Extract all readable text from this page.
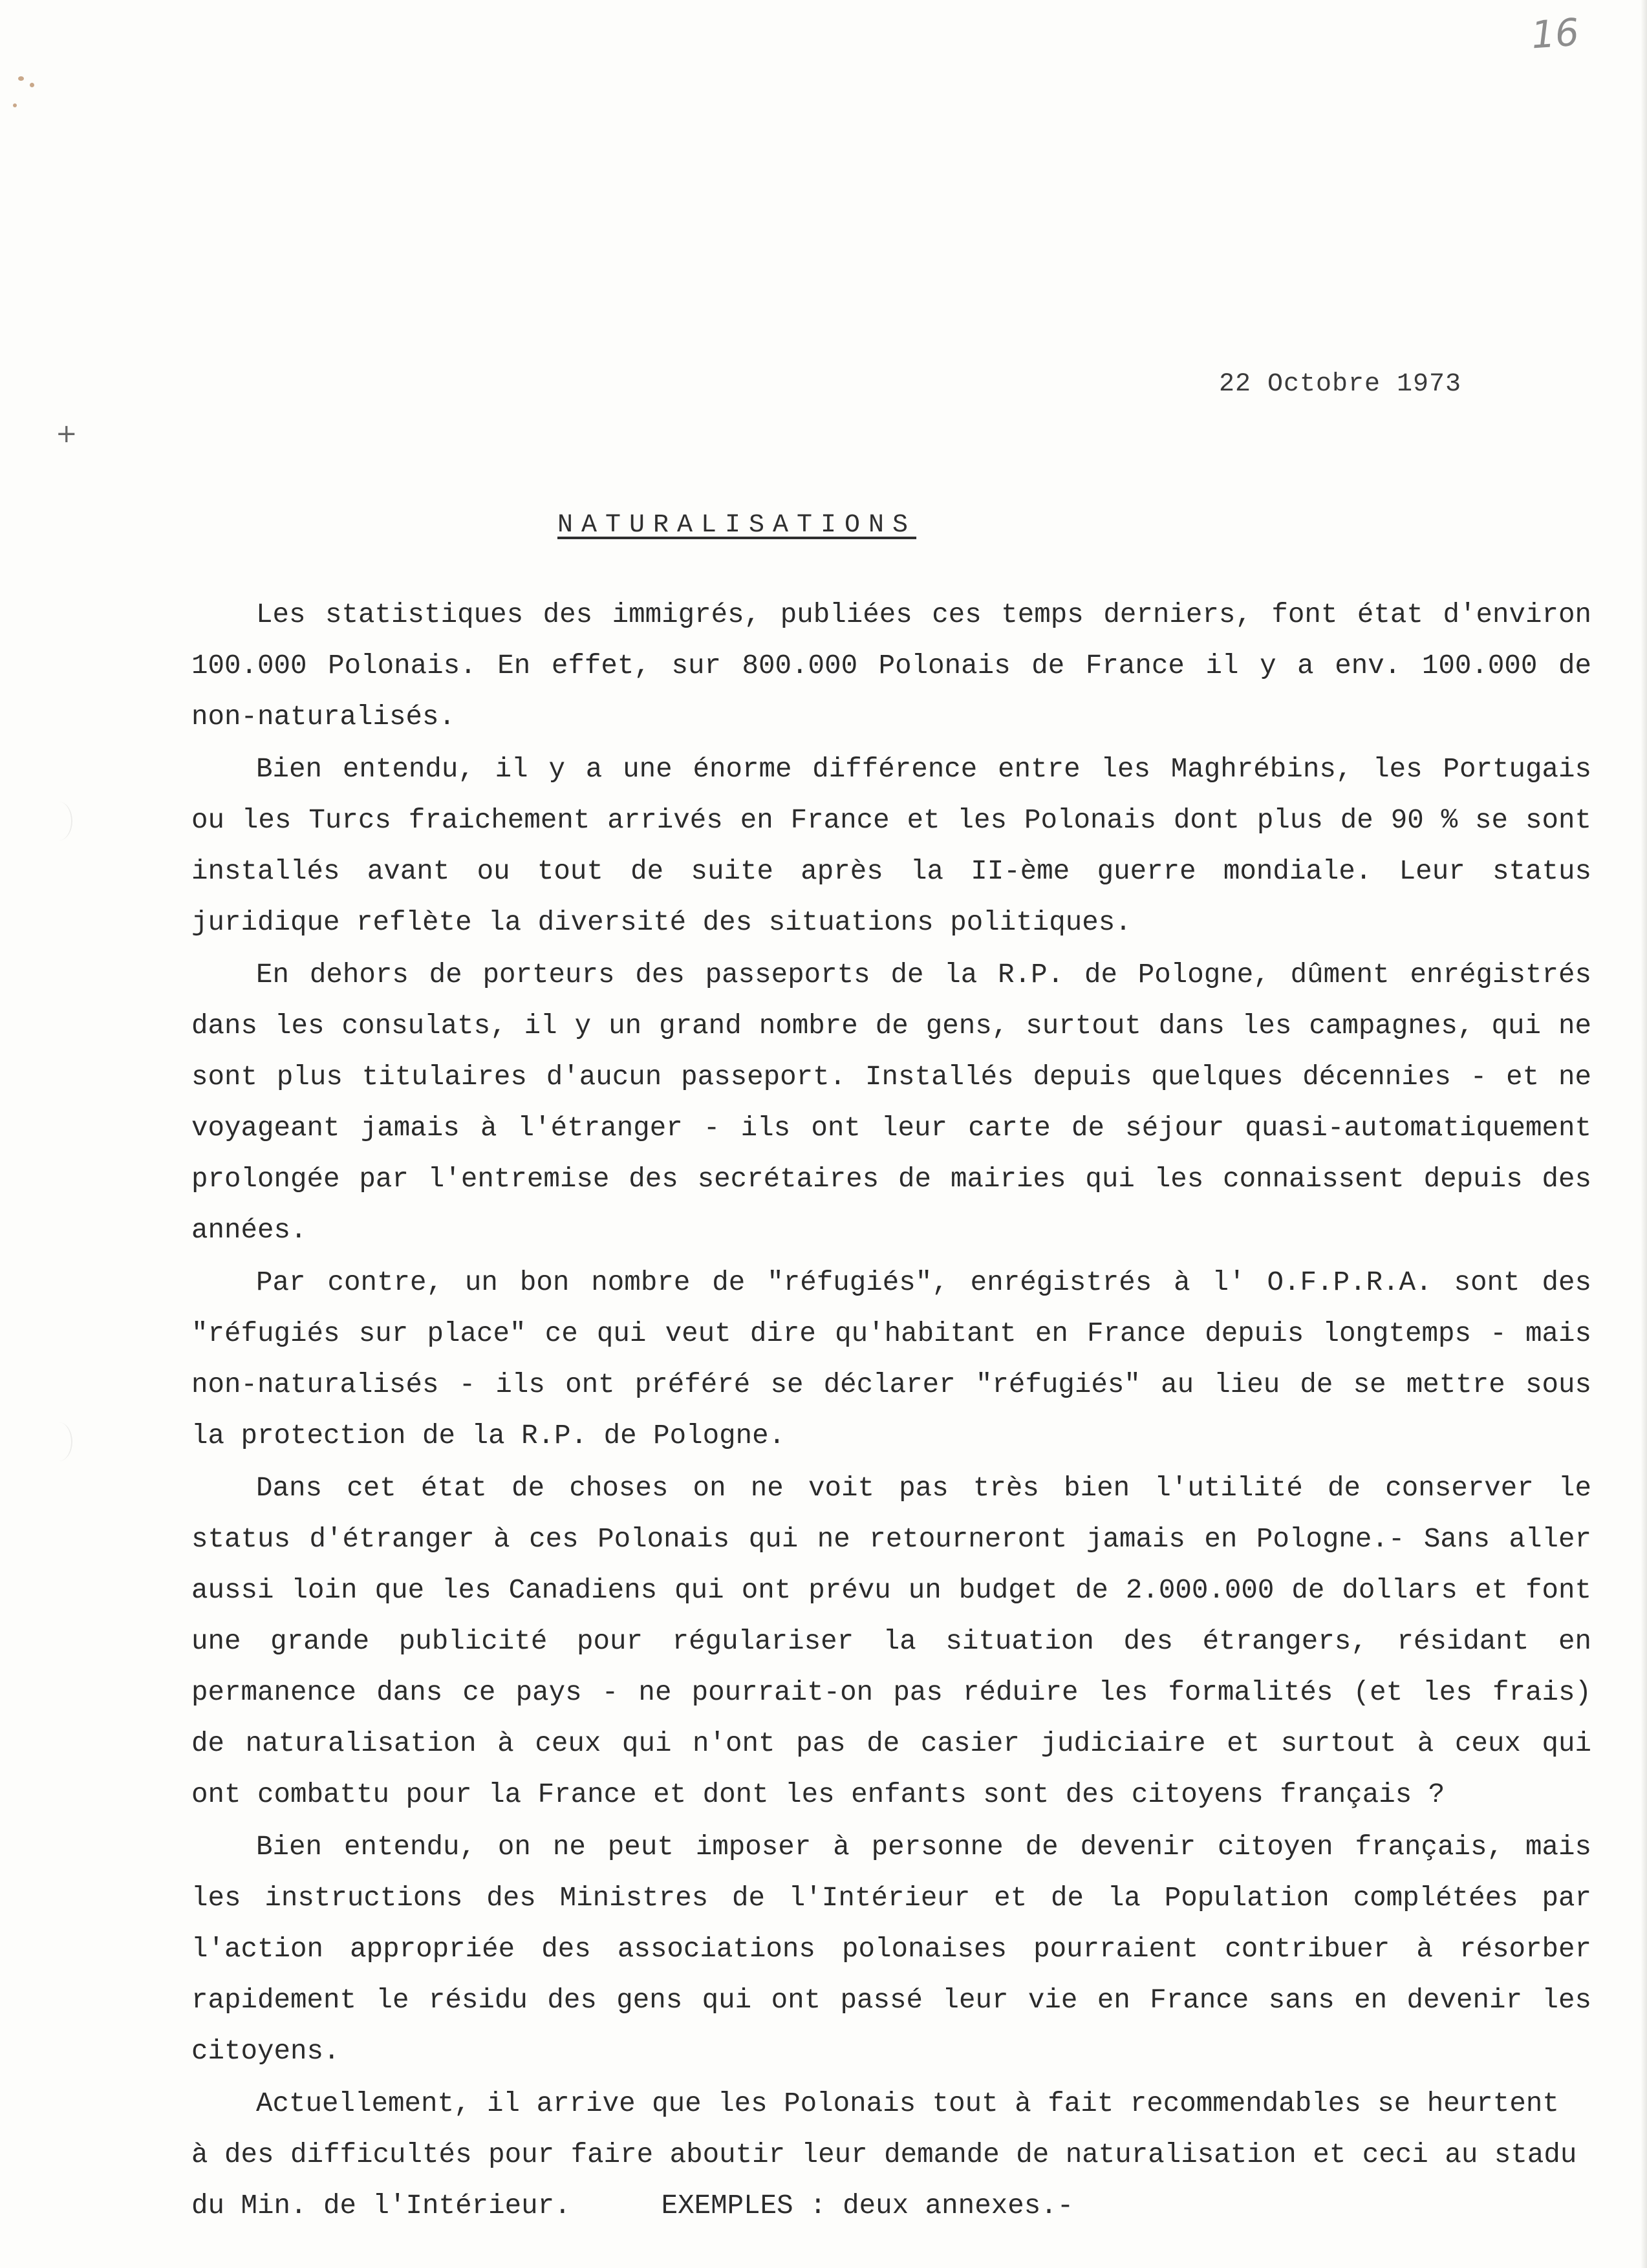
16
22 Octobre 1973
+
NATURALISATIONS

Les statistiques des immigrés, publiées ces temps derniers, font état d'environ 100.000 Polonais. En effet, sur 800.000 Polonais de France il y a env. 100.000 de non-naturalisés.

Bien entendu, il y a une énorme différence entre les Maghrébins, les Portugais ou les Turcs fraichement arrivés en France et les Polonais dont plus de 90 % se sont installés avant ou tout de suite après la II-ème guerre mondiale. Leur status juridique reflète la diversité des situations politiques.

En dehors de porteurs des passeports de la R.P. de Pologne, dûment enrégistrés dans les consulats, il y un grand nombre de gens, surtout dans les campagnes, qui ne sont plus titulaires d'aucun passeport. Installés depuis quelques décennies - et ne voyageant jamais à l'étranger - ils ont leur carte de séjour quasi-automatiquement prolongée par l'entremise des secrétaires de mairies qui les connaissent depuis des années.

Par contre, un bon nombre de "réfugiés", enrégistrés à l' O.F.P.R.A. sont des "réfugiés sur place" ce qui veut dire qu'habitant en France depuis longtemps - mais non-naturalisés - ils ont préféré se déclarer "réfugiés" au lieu de se mettre sous la protection de la R.P. de Pologne.

Dans cet état de choses on ne voit pas très bien l'utilité de conserver le status d'étranger à ces Polonais qui ne retourneront jamais en Pologne.- Sans aller aussi loin que les Canadiens qui ont prévu un budget de 2.000.000 de dollars et font une grande publicité pour régulariser la situation des étrangers, résidant en permanence dans ce pays - ne pourrait-on pas réduire les formalités (et les frais) de naturalisation à ceux qui n'ont pas de casier judiciaire et surtout à ceux qui ont combattu pour la France et dont les enfants sont des citoyens français ?

Bien entendu, on ne peut imposer à personne de devenir citoyen français, mais les instructions des Ministres de l'Intérieur et de la Population complétées par l'action appropriée des associations polonaises pourraient contribuer à résorber rapidement le résidu des gens qui ont passé leur vie en France sans en devenir les citoyens.

Actuellement, il arrive que les Polonais tout à fait recommendables se heurtent à des difficultés pour faire aboutir leur demande de naturalisation et ceci au stadu du Min. de l'Intérieur.	EXEMPLES : deux annexes.-
